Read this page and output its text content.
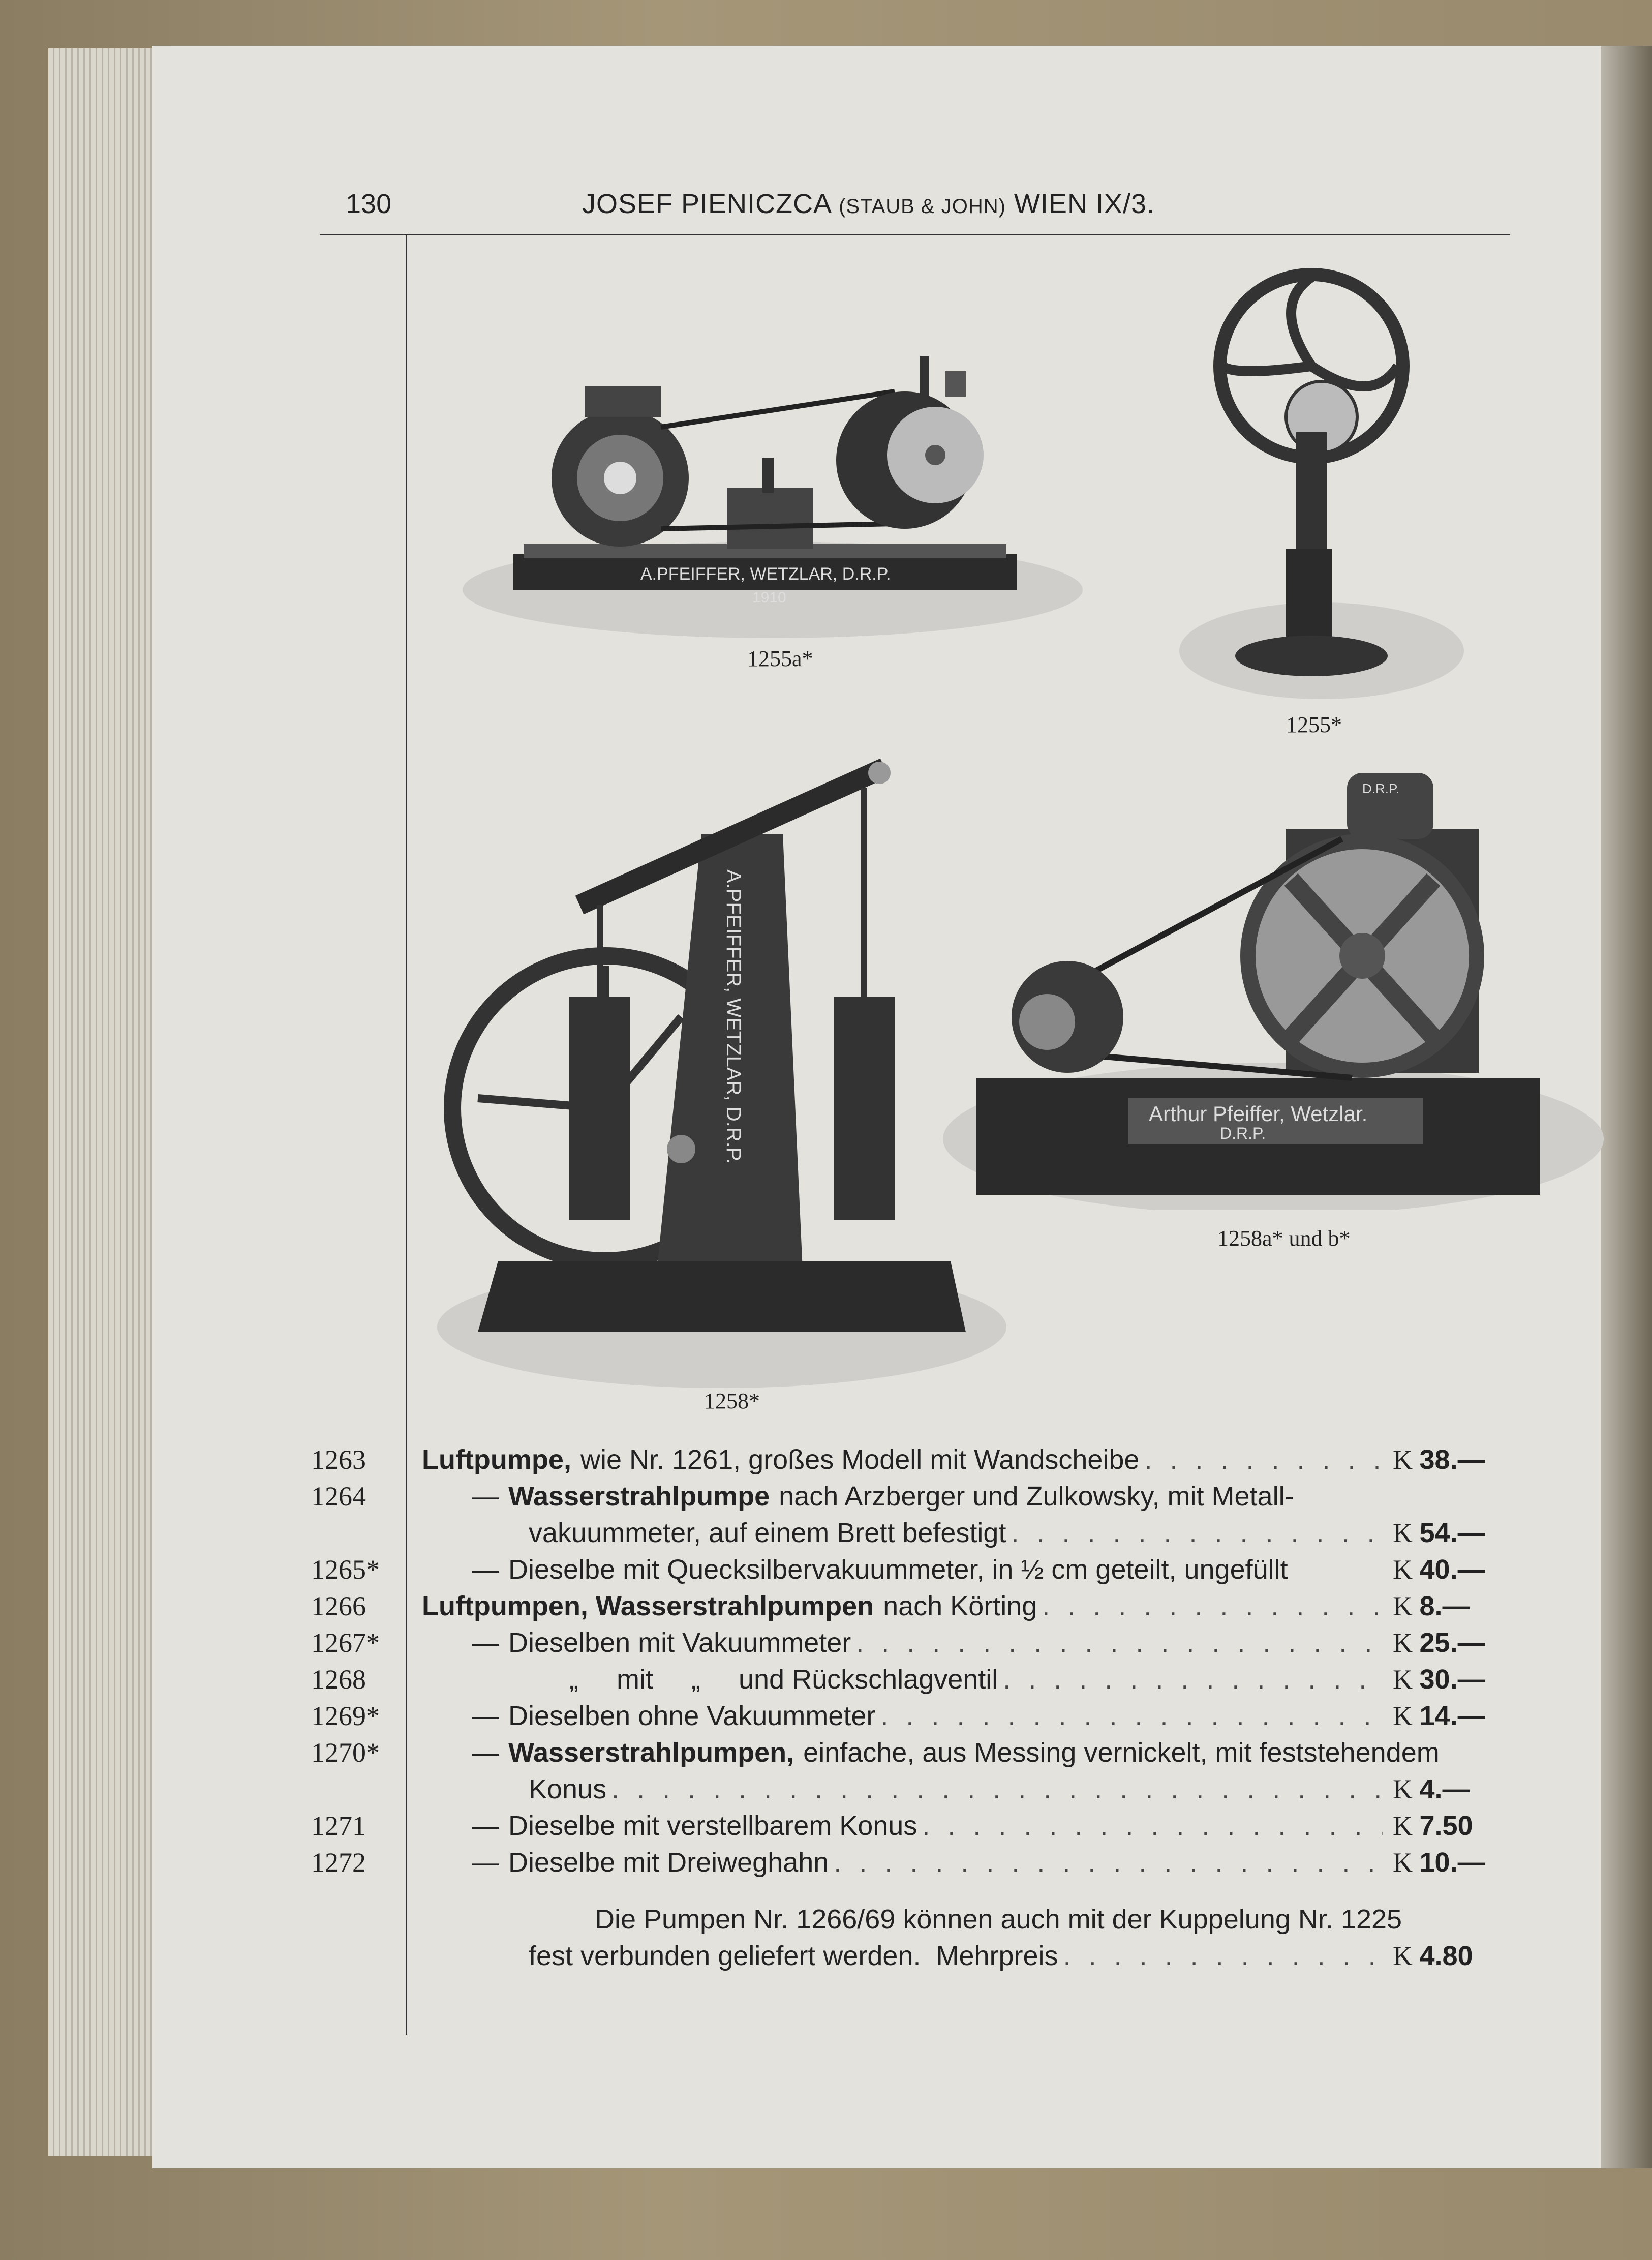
130	JOSEF PIENICZCA (STAUB & JOHN) WIEN IX/3.
A.PFEIFFER, WETZLAR, D.R.P.
1910
1255a*
1255*
Arthur Pfeiffer, Wetzlar.
D.R.P.
D.R.P.
1258a* und b*
A.PFEIFFER, WETZLAR, D.R.P.
1258*
1263
1264
1265*
1266
1267*
1268
1269*
1270*
1271
1272
Luftpumpe, wie Nr. 1261, großes Modell mit Wandscheibe
. . .
— Wasserstrahlpumpe nach Arzberger und Zulkowsky, mit Metall-
vakuummeter, auf einem Brett befestigt
. . .
— Dieselbe mit Quecksilbervakuummeter, in ½ cm geteilt, ungefüllt
Luftpumpen, Wasserstrahlpumpen nach Körting
. . .
— Dieselben mit Vakuummeter
. . .
„     mit     „     und Rückschlagventil
. . .
— Dieselben ohne Vakuummeter
. . .
— Wasserstrahlpumpen, einfache, aus Messing vernickelt, mit feststehendem
Konus
. . .
— Dieselbe mit verstellbarem Konus
. . .
— Dieselbe mit Dreiweghahn
. . .
Die Pumpen Nr. 1266/69 können auch mit der Kuppelung Nr. 1225
fest verbunden geliefert werden.  Mehrpreis
. . .
K 38.—
K 54.—
K 40.—
K 8.—
K 25.—
K 30.—
K 14.—
K 4.—
K 7.50
K 10.—
K 4.80
